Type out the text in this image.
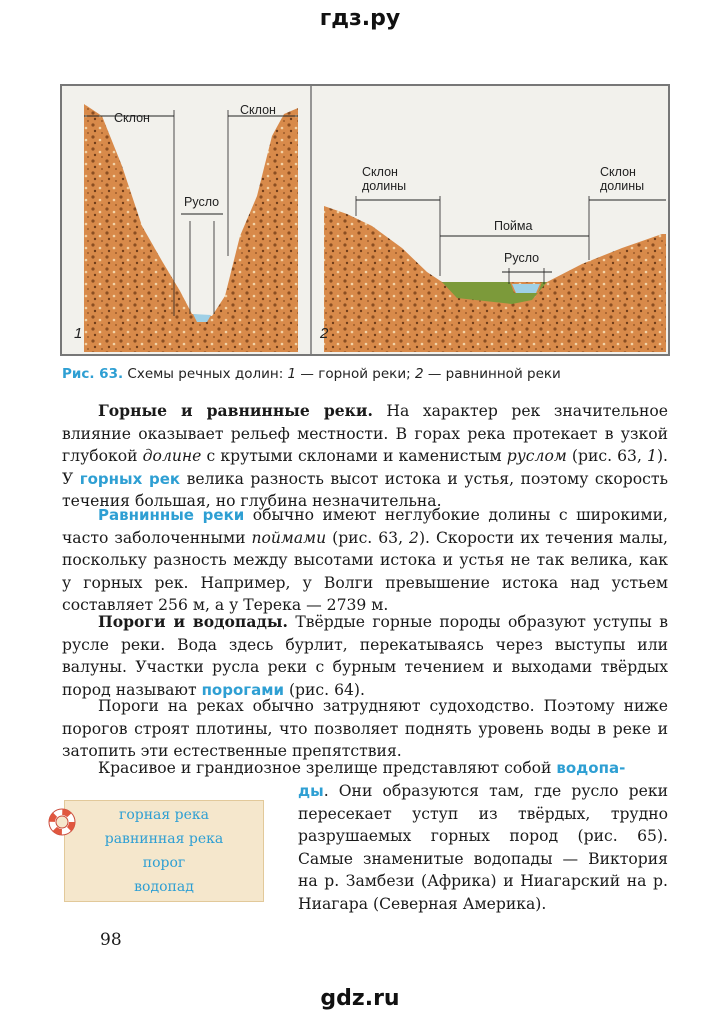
гдз.ру
Склон
Склон
Русло
1
Склон
долины
Склон
долины
Пойма
Русло
2
Рис. 63. Схемы речных долин: 1 — горной реки; 2 — равнинной реки

Горные и равнинные реки. На характер рек значительное влияние оказывает рельеф местности. В горах река протекает в узкой глубокой долине с крутыми склонами и каменистым руслом (рис. 63, 1). У горных рек велика разность высот истока и устья, поэтому скорость течения большая, но глубина незначительна.

Равнинные реки обычно имеют неглубокие долины с широкими, часто заболоченными поймами (рис. 63, 2). Скорости их течения малы, поскольку разность между высотами истока и устья не так велика, как у горных рек. Например, у Волги превышение истока над устьем составляет 256 м, а у Терека — 2739 м.

Пороги и водопады. Твёрдые горные породы образуют уступы в русле реки. Вода здесь бурлит, перекатываясь через выступы или валуны. Участки русла реки с бурным течением и выходами твёрдых пород называют порогами (рис. 64).

Пороги на реках обычно затрудняют судоходство. Поэтому ниже порогов строят плотины, что позволяет поднять уровень воды в реке и затопить эти естественные препятствия.

Красивое и грандиозное зрелище представляют собой водопа-

ды. Они образуются там, где русло реки пересекает уступ из твёрдых, трудно разрушаемых горных пород (рис. 65). Самые знаменитые водопады — Виктория на р. Замбези (Африка) и Ниагарский на р. Ниагара (Северная Америка).

горная река
равнинная река
порог
водопад
98
gdz.ru
